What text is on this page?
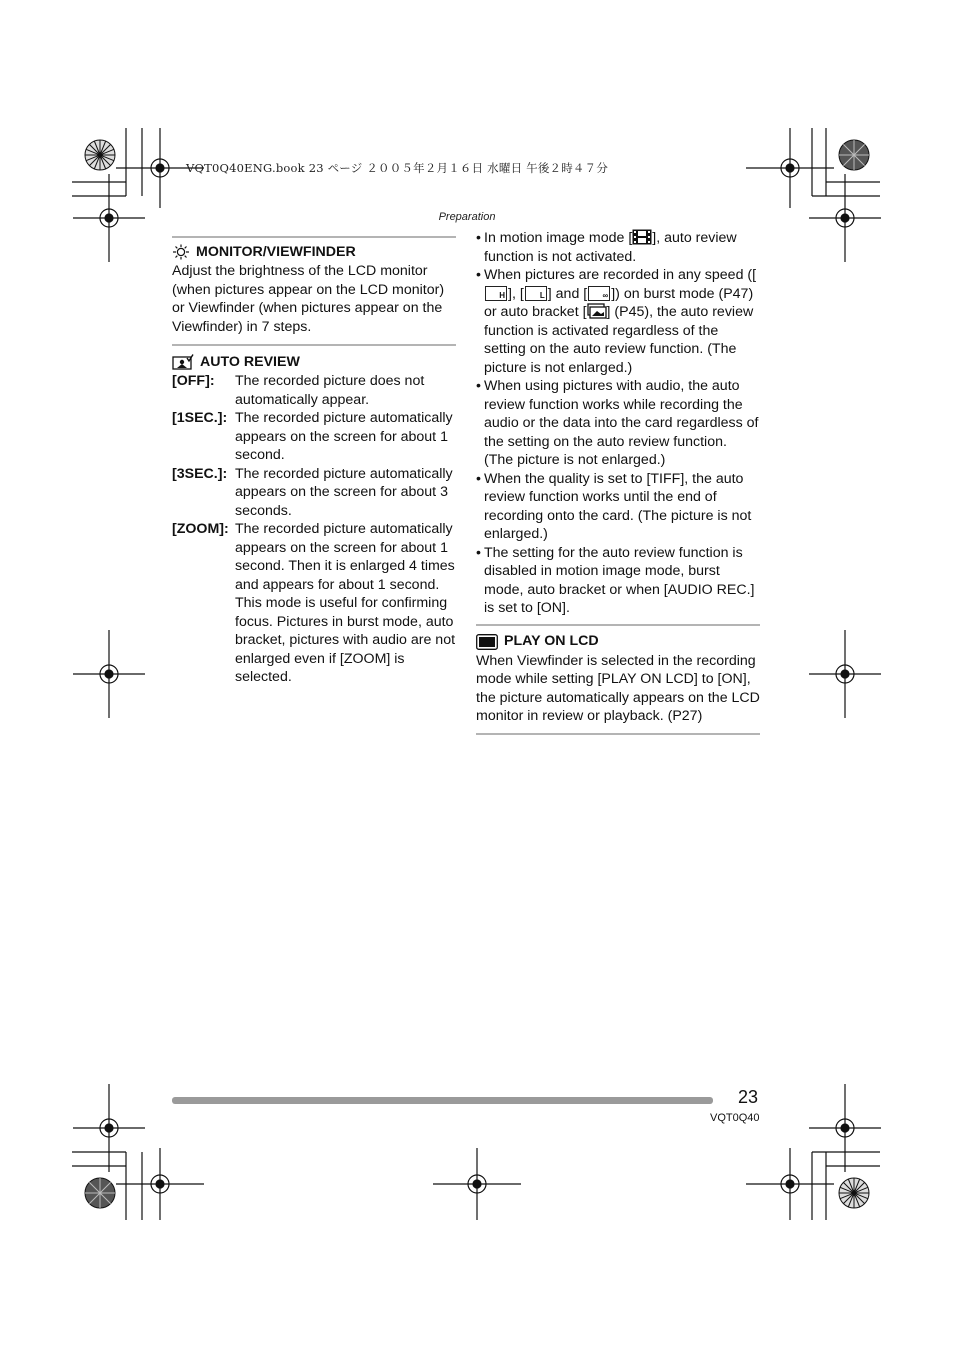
VQT0Q40ENG.book 23 ページ ２００５年２月１６日 水曜日 午後２時４７分
Preparation
MONITOR/VIEWFINDER

Adjust the brightness of the LCD monitor (when pictures appear on the LCD monitor) or Viewfinder (when pictures appear on the Viewfinder) in 7 steps.

AUTO REVIEW
[OFF]:	The recorded picture does not automatically appear.
[1SEC.]: The recorded picture automatically appears on the screen for about 1 second.
[3SEC.]: The recorded picture automatically appears on the screen for about 3 seconds.
[ZOOM]: The recorded picture automatically appears on the screen for about 1 second. Then it is enlarged 4 times and appears for about 1 second. This mode is useful for confirming focus. Pictures in burst mode, auto bracket, pictures with audio are not enlarged even if [ZOOM] is selected.
• In motion image mode [ ], auto review function is not activated.
• When pictures are recorded in any speed ([
H ], [ L ] and [ ∞ ]) on burst mode (P47) or auto bracket [ ] (P45), the auto review function is activated regardless of the setting on the auto review function. (The picture is not enlarged.)
• When using pictures with audio, the auto review function works while recording the audio or the data into the card regardless of the setting on the auto review function. (The picture is not enlarged.)
• When the quality is set to [TIFF], the auto review function works until the end of recording onto the card. (The picture is not enlarged.)
• The setting for the auto review function is disabled in motion image mode, burst mode, auto bracket or when [AUDIO REC.] is set to [ON].
PLAY ON LCD

When Viewfinder is selected in the recording mode while setting [PLAY ON LCD] to [ON], the picture automatically appears on the LCD monitor in review or playback. (P27)

23
VQT0Q40
